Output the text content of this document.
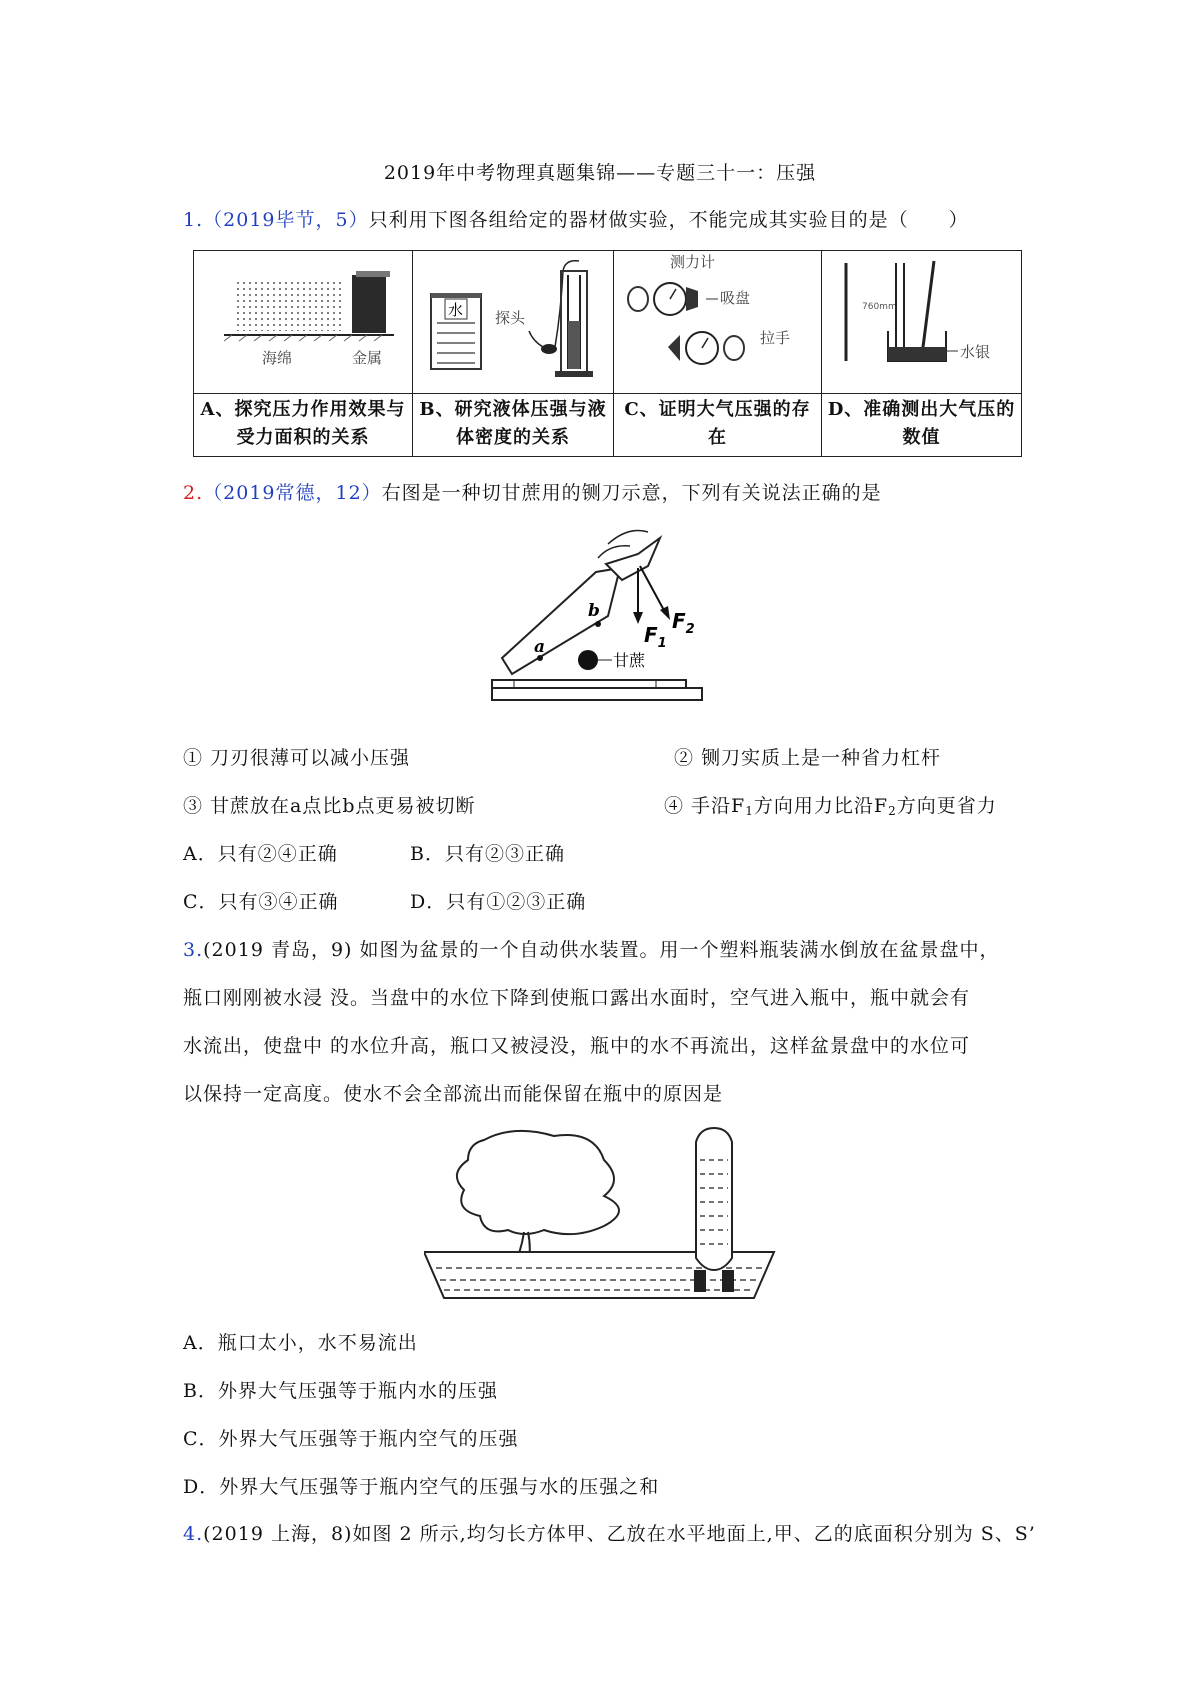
2019年中考物理真题集锦——专题三十一：压强
1.（2019毕节，5）只利用下图各组给定的器材做实验，不能完成其实验目的是（　　）
海绵 金属	水 探头	测力计
吸盘
拉手	760mm
水银

A、探究压力作用效果与受力面积的关系	B、研究液体压强与液体密度的关系	C、证明大气压强的存在	D、准确测出大气压的数值
2.（2019常德，12）右图是一种切甘蔗用的铡刀示意，下列有关说法正确的是
a
b
$F_1$
$F_2$
甘蔗
① 刀刃很薄可以减小压强	② 铡刀实质上是一种省力杠杆
③ 甘蔗放在a点比b点更易被切断	④ 手沿$F_1$方向用力比沿$F_2$方向更省力
A．只有②④正确	B．只有②③正确
C．只有③④正确	D．只有①②③正确
3.(2019 青岛，9) 如图为盆景的一个自动供水装置。用一个塑料瓶装满水倒放在盆景盘中，
瓶口刚刚被水浸 没。当盘中的水位下降到使瓶口露出水面时，空气进入瓶中，瓶中就会有
水流出，使盘中 的水位升高，瓶口又被浸没，瓶中的水不再流出，这样盆景盘中的水位可
以保持一定高度。使水不会全部流出而能保留在瓶中的原因是
A．瓶口太小，水不易流出
B．外界大气压强等于瓶内水的压强
C．外界大气压强等于瓶内空气的压强
D．外界大气压强等于瓶内空气的压强与水的压强之和
4.(2019 上海，8)如图 2 所示,均匀长方体甲、乙放在水平地面上,甲、乙的底面积分别为 S、S’
